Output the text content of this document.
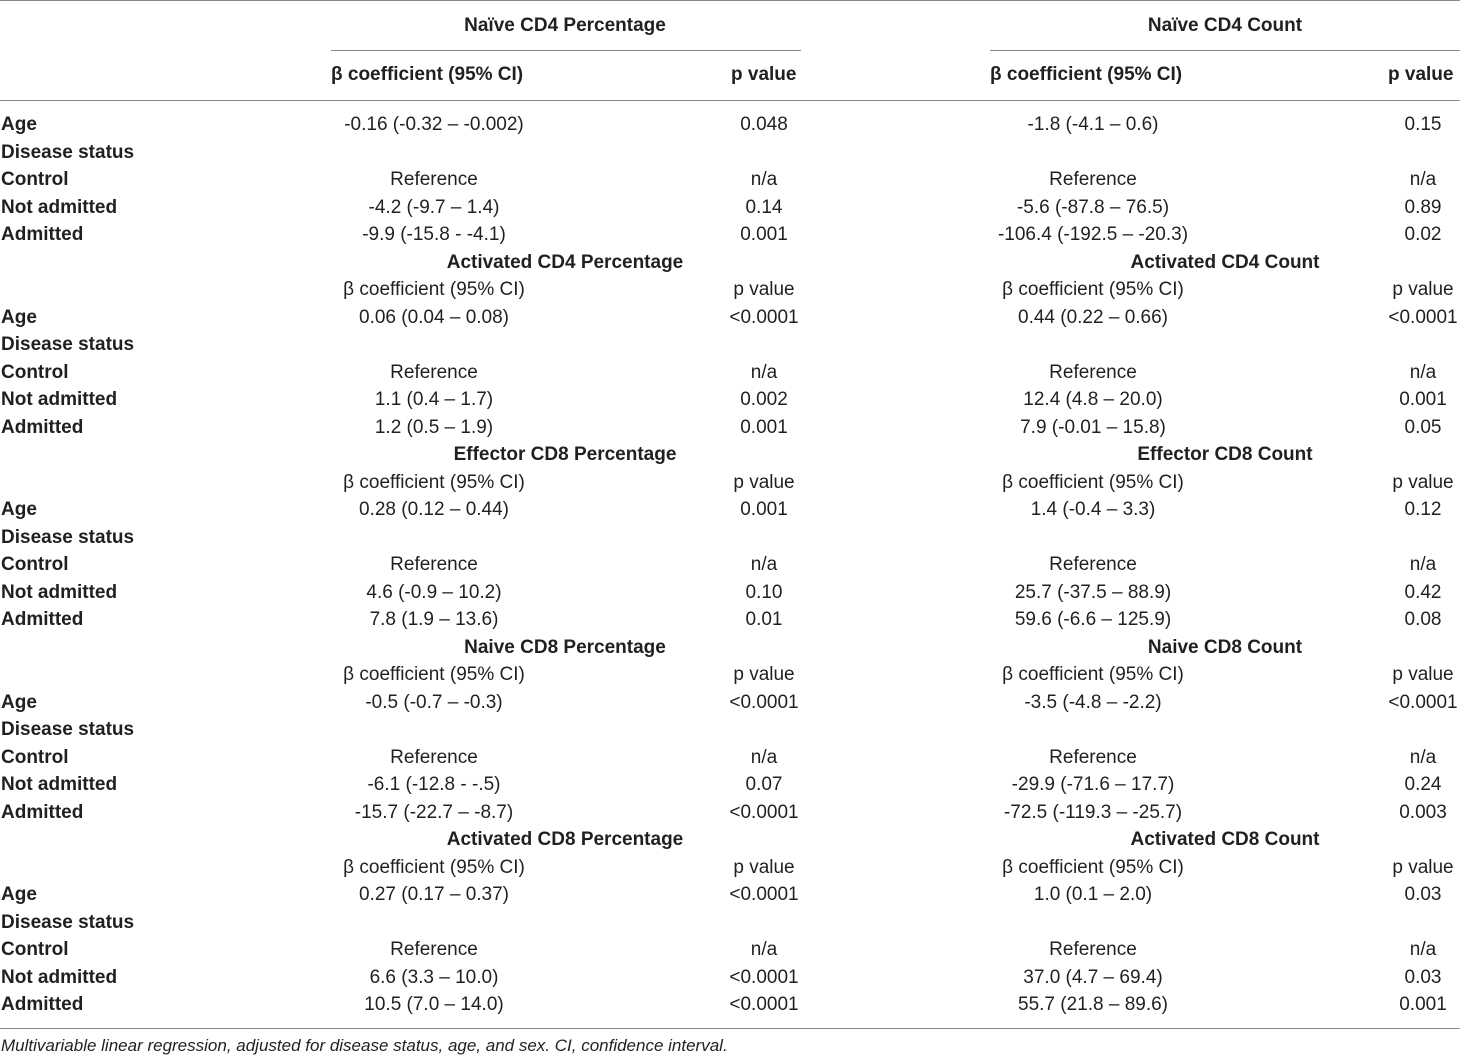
Naïve CD4 Percentage	Naïve CD4 Count
β coefficient (95% CI)	p value	β coefficient (95% CI)	p value
Age	-0.16 (-0.32 – -0.002)	0.048	-1.8 (-4.1 – 0.6)	0.15
Disease status
Control	Reference	n/a	Reference	n/a
Not admitted	-4.2 (-9.7 – 1.4)	0.14	-5.6 (-87.8 – 76.5)	0.89
Admitted	-9.9 (-15.8 - -4.1)	0.001	-106.4 (-192.5 – -20.3)	0.02
Activated CD4 Percentage	Activated CD4 Count
β coefficient (95% CI)	p value	β coefficient (95% CI)	p value
Age	0.06 (0.04 – 0.08)	<0.0001	0.44 (0.22 – 0.66)	<0.0001
Disease status
Control	Reference	n/a	Reference	n/a
Not admitted	1.1 (0.4 – 1.7)	0.002	12.4 (4.8 – 20.0)	0.001
Admitted	1.2 (0.5 – 1.9)	0.001	7.9 (-0.01 – 15.8)	0.05
Effector CD8 Percentage	Effector CD8 Count
β coefficient (95% CI)	p value	β coefficient (95% CI)	p value
Age	0.28 (0.12 – 0.44)	0.001	1.4 (-0.4 – 3.3)	0.12
Disease status
Control	Reference	n/a	Reference	n/a
Not admitted	4.6 (-0.9 – 10.2)	0.10	25.7 (-37.5 – 88.9)	0.42
Admitted	7.8 (1.9 – 13.6)	0.01	59.6 (-6.6 – 125.9)	0.08
Naive CD8 Percentage	Naive CD8 Count
β coefficient (95% CI)	p value	β coefficient (95% CI)	p value
Age	-0.5 (-0.7 – -0.3)	<0.0001	-3.5 (-4.8 – -2.2)	<0.0001
Disease status
Control	Reference	n/a	Reference	n/a
Not admitted	-6.1 (-12.8 - -.5)	0.07	-29.9 (-71.6 – 17.7)	0.24
Admitted	-15.7 (-22.7 – -8.7)	<0.0001	-72.5 (-119.3 – -25.7)	0.003
Activated CD8 Percentage	Activated CD8 Count
β coefficient (95% CI)	p value	β coefficient (95% CI)	p value
Age	0.27 (0.17 – 0.37)	<0.0001	1.0 (0.1 – 2.0)	0.03
Disease status
Control	Reference	n/a	Reference	n/a
Not admitted	6.6 (3.3 – 10.0)	<0.0001	37.0 (4.7 – 69.4)	0.03
Admitted	10.5 (7.0 – 14.0)	<0.0001	55.7 (21.8 – 89.6)	0.001
Multivariable linear regression, adjusted for disease status, age, and sex. CI, confidence interval.
